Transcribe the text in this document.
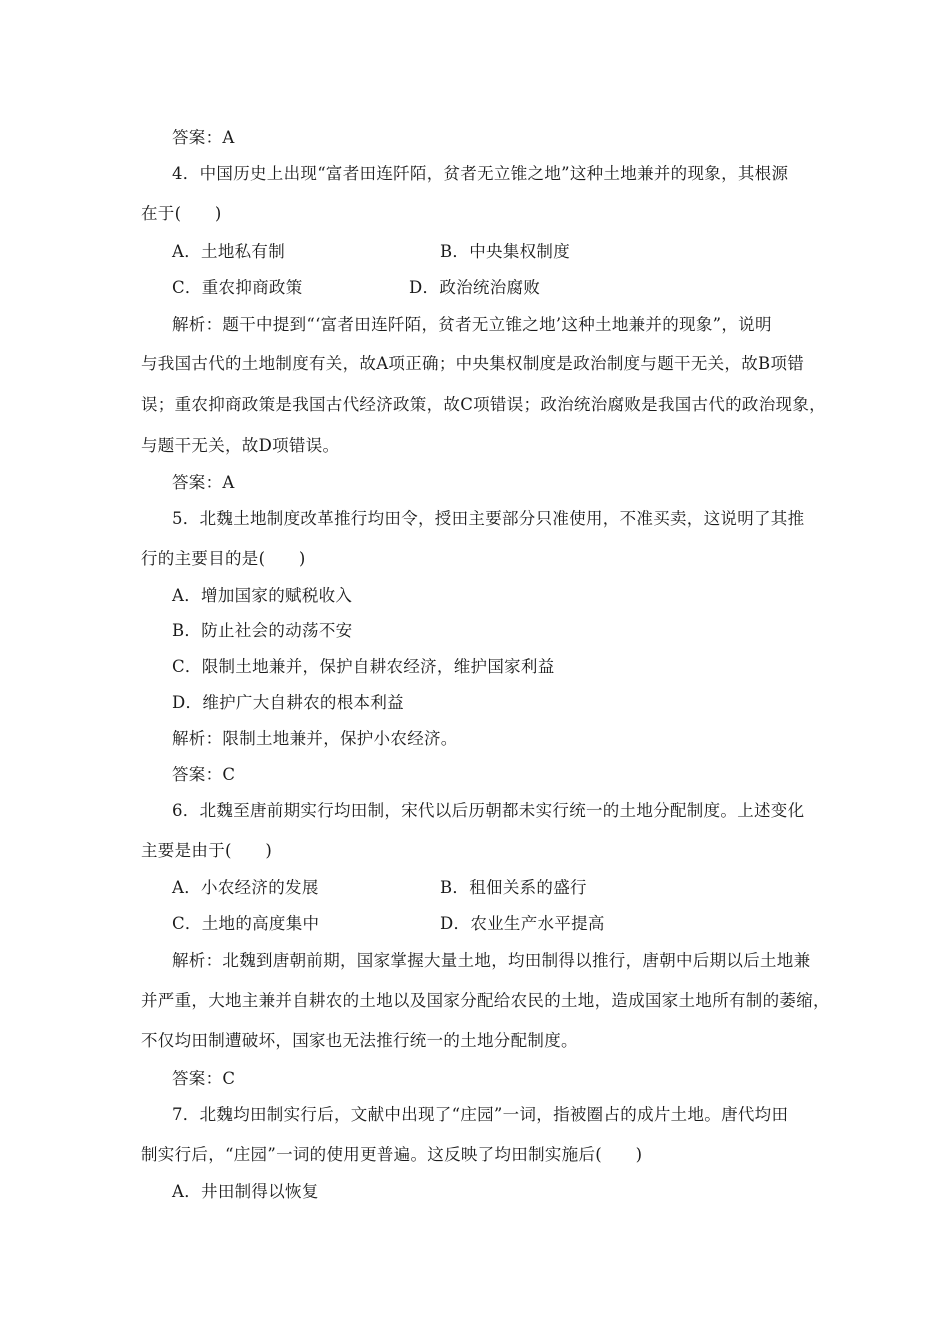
答案：A
4．中国历史上出现“富者田连阡陌，贫者无立锥之地”这种土地兼并的现象，其根源
在于(　　)
A．土地私有制	B．中央集权制度
C．重农抑商政策	D．政治统治腐败
解析：题干中提到“‘富者田连阡陌，贫者无立锥之地’这种土地兼并的现象”，说明
与我国古代的土地制度有关，故A项正确；中央集权制度是政治制度与题干无关，故B项错
误；重农抑商政策是我国古代经济政策，故C项错误；政治统治腐败是我国古代的政治现象，
与题干无关，故D项错误。
答案：A
5．北魏土地制度改革推行均田令，授田主要部分只准使用，不准买卖，这说明了其推
行的主要目的是(　　)
A．增加国家的赋税收入
B．防止社会的动荡不安
C．限制土地兼并，保护自耕农经济，维护国家利益
D．维护广大自耕农的根本利益
解析：限制土地兼并，保护小农经济。
答案：C
6．北魏至唐前期实行均田制，宋代以后历朝都未实行统一的土地分配制度。上述变化
主要是由于(　　)
A．小农经济的发展	B．租佃关系的盛行
C．土地的高度集中	D．农业生产水平提高
解析：北魏到唐朝前期，国家掌握大量土地，均田制得以推行，唐朝中后期以后土地兼
并严重，大地主兼并自耕农的土地以及国家分配给农民的土地，造成国家土地所有制的萎缩，
不仅均田制遭破坏，国家也无法推行统一的土地分配制度。
答案：C
7．北魏均田制实行后，文献中出现了“庄园”一词，指被圈占的成片土地。唐代均田
制实行后，“庄园”一词的使用更普遍。这反映了均田制实施后(　　)
A．井田制得以恢复
